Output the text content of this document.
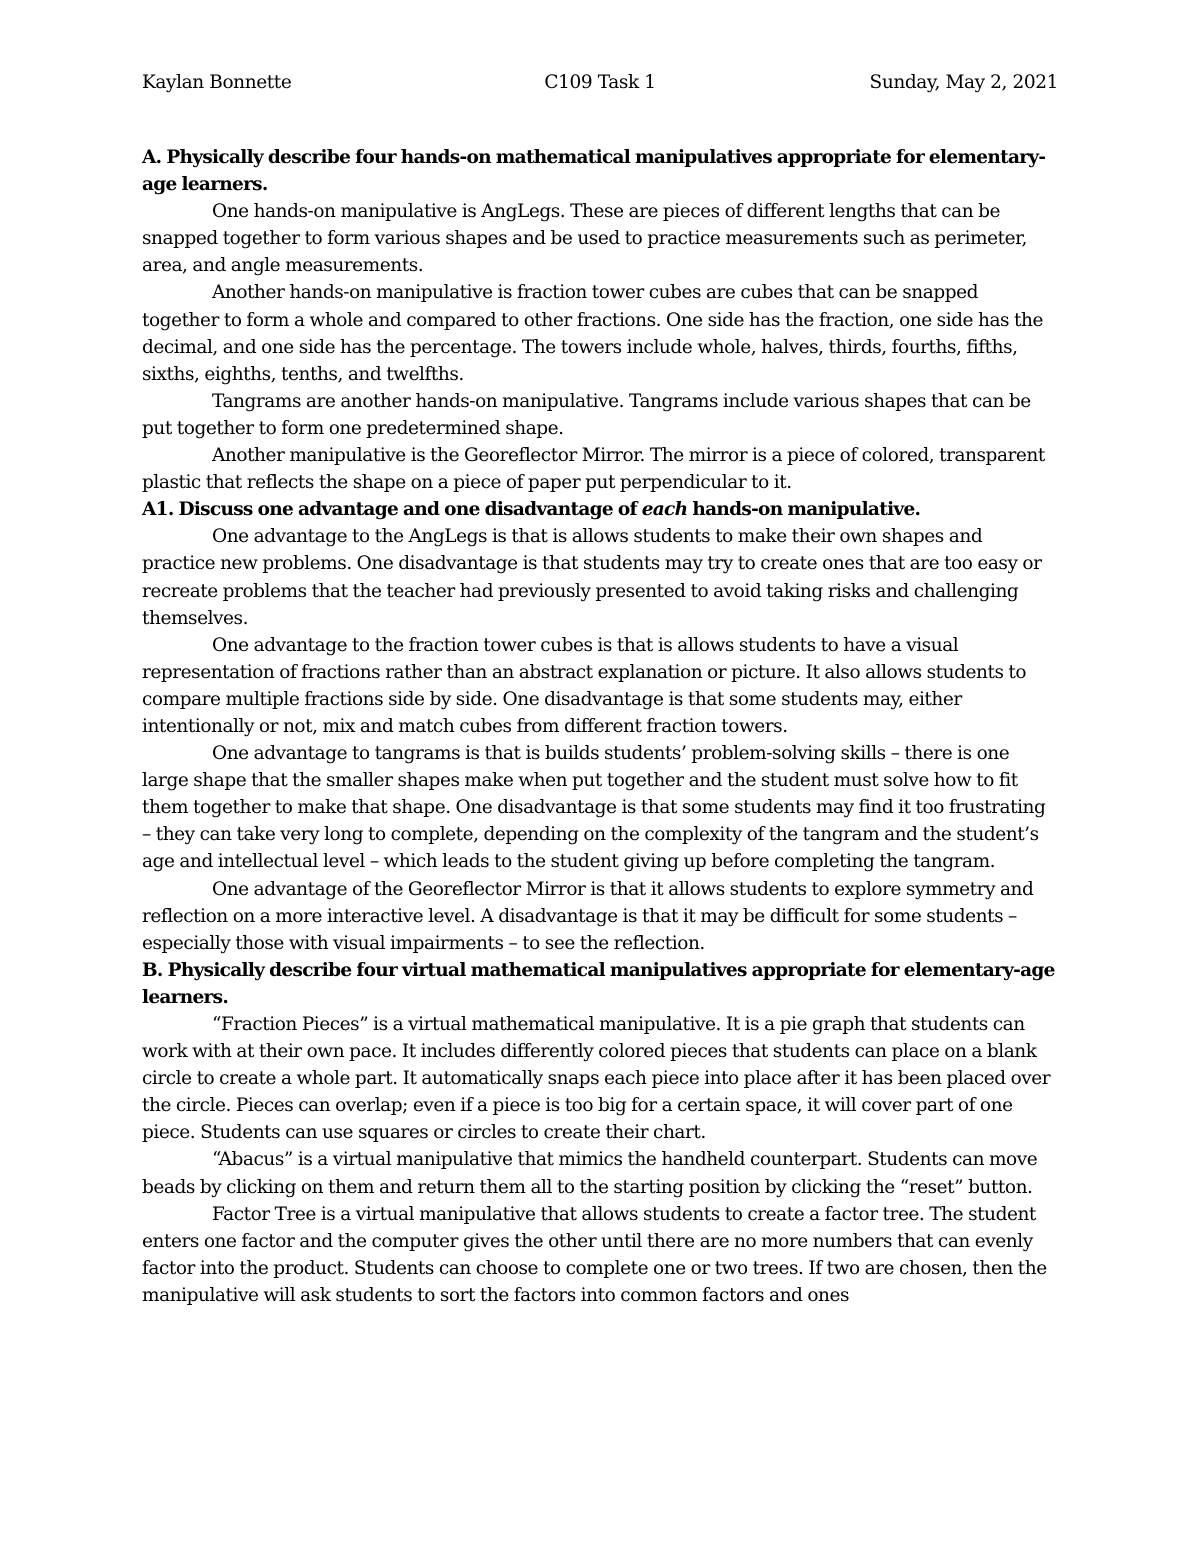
Kaylan Bonnette	C109 Task 1	Sunday, May 2, 2021

A. Physically describe four hands-on mathematical manipulatives appropriate for elementary-age learners.

One hands-on manipulative is AngLegs. These are pieces of different lengths that can be snapped together to form various shapes and be used to practice measurements such as perimeter, area, and angle measurements.

Another hands-on manipulative is fraction tower cubes are cubes that can be snapped together to form a whole and compared to other fractions. One side has the fraction, one side has the decimal, and one side has the percentage. The towers include whole, halves, thirds, fourths, fifths, sixths, eighths, tenths, and twelfths.

Tangrams are another hands-on manipulative. Tangrams include various shapes that can be put together to form one predetermined shape.

Another manipulative is the Georeflector Mirror. The mirror is a piece of colored, transparent plastic that reflects the shape on a piece of paper put perpendicular to it.

A1. Discuss one advantage and one disadvantage of each hands-on manipulative.

One advantage to the AngLegs is that is allows students to make their own shapes and practice new problems. One disadvantage is that students may try to create ones that are too easy or recreate problems that the teacher had previously presented to avoid taking risks and challenging themselves.

One advantage to the fraction tower cubes is that is allows students to have a visual representation of fractions rather than an abstract explanation or picture. It also allows students to compare multiple fractions side by side. One disadvantage is that some students may, either intentionally or not, mix and match cubes from different fraction towers.

One advantage to tangrams is that is builds students’ problem-solving skills – there is one large shape that the smaller shapes make when put together and the student must solve how to fit them together to make that shape. One disadvantage is that some students may find it too frustrating – they can take very long to complete, depending on the complexity of the tangram and the student’s age and intellectual level – which leads to the student giving up before completing the tangram.

One advantage of the Georeflector Mirror is that it allows students to explore symmetry and reflection on a more interactive level. A disadvantage is that it may be difficult for some students – especially those with visual impairments – to see the reflection.

B. Physically describe four virtual mathematical manipulatives appropriate for elementary-age learners.

“Fraction Pieces” is a virtual mathematical manipulative. It is a pie graph that students can work with at their own pace. It includes differently colored pieces that students can place on a blank circle to create a whole part. It automatically snaps each piece into place after it has been placed over the circle. Pieces can overlap; even if a piece is too big for a certain space, it will cover part of one piece. Students can use squares or circles to create their chart.

“Abacus” is a virtual manipulative that mimics the handheld counterpart. Students can move beads by clicking on them and return them all to the starting position by clicking the “reset” button.

Factor Tree is a virtual manipulative that allows students to create a factor tree. The student enters one factor and the computer gives the other until there are no more numbers that can evenly factor into the product. Students can choose to complete one or two trees. If two are chosen, then the manipulative will ask students to sort the factors into common factors and ones
